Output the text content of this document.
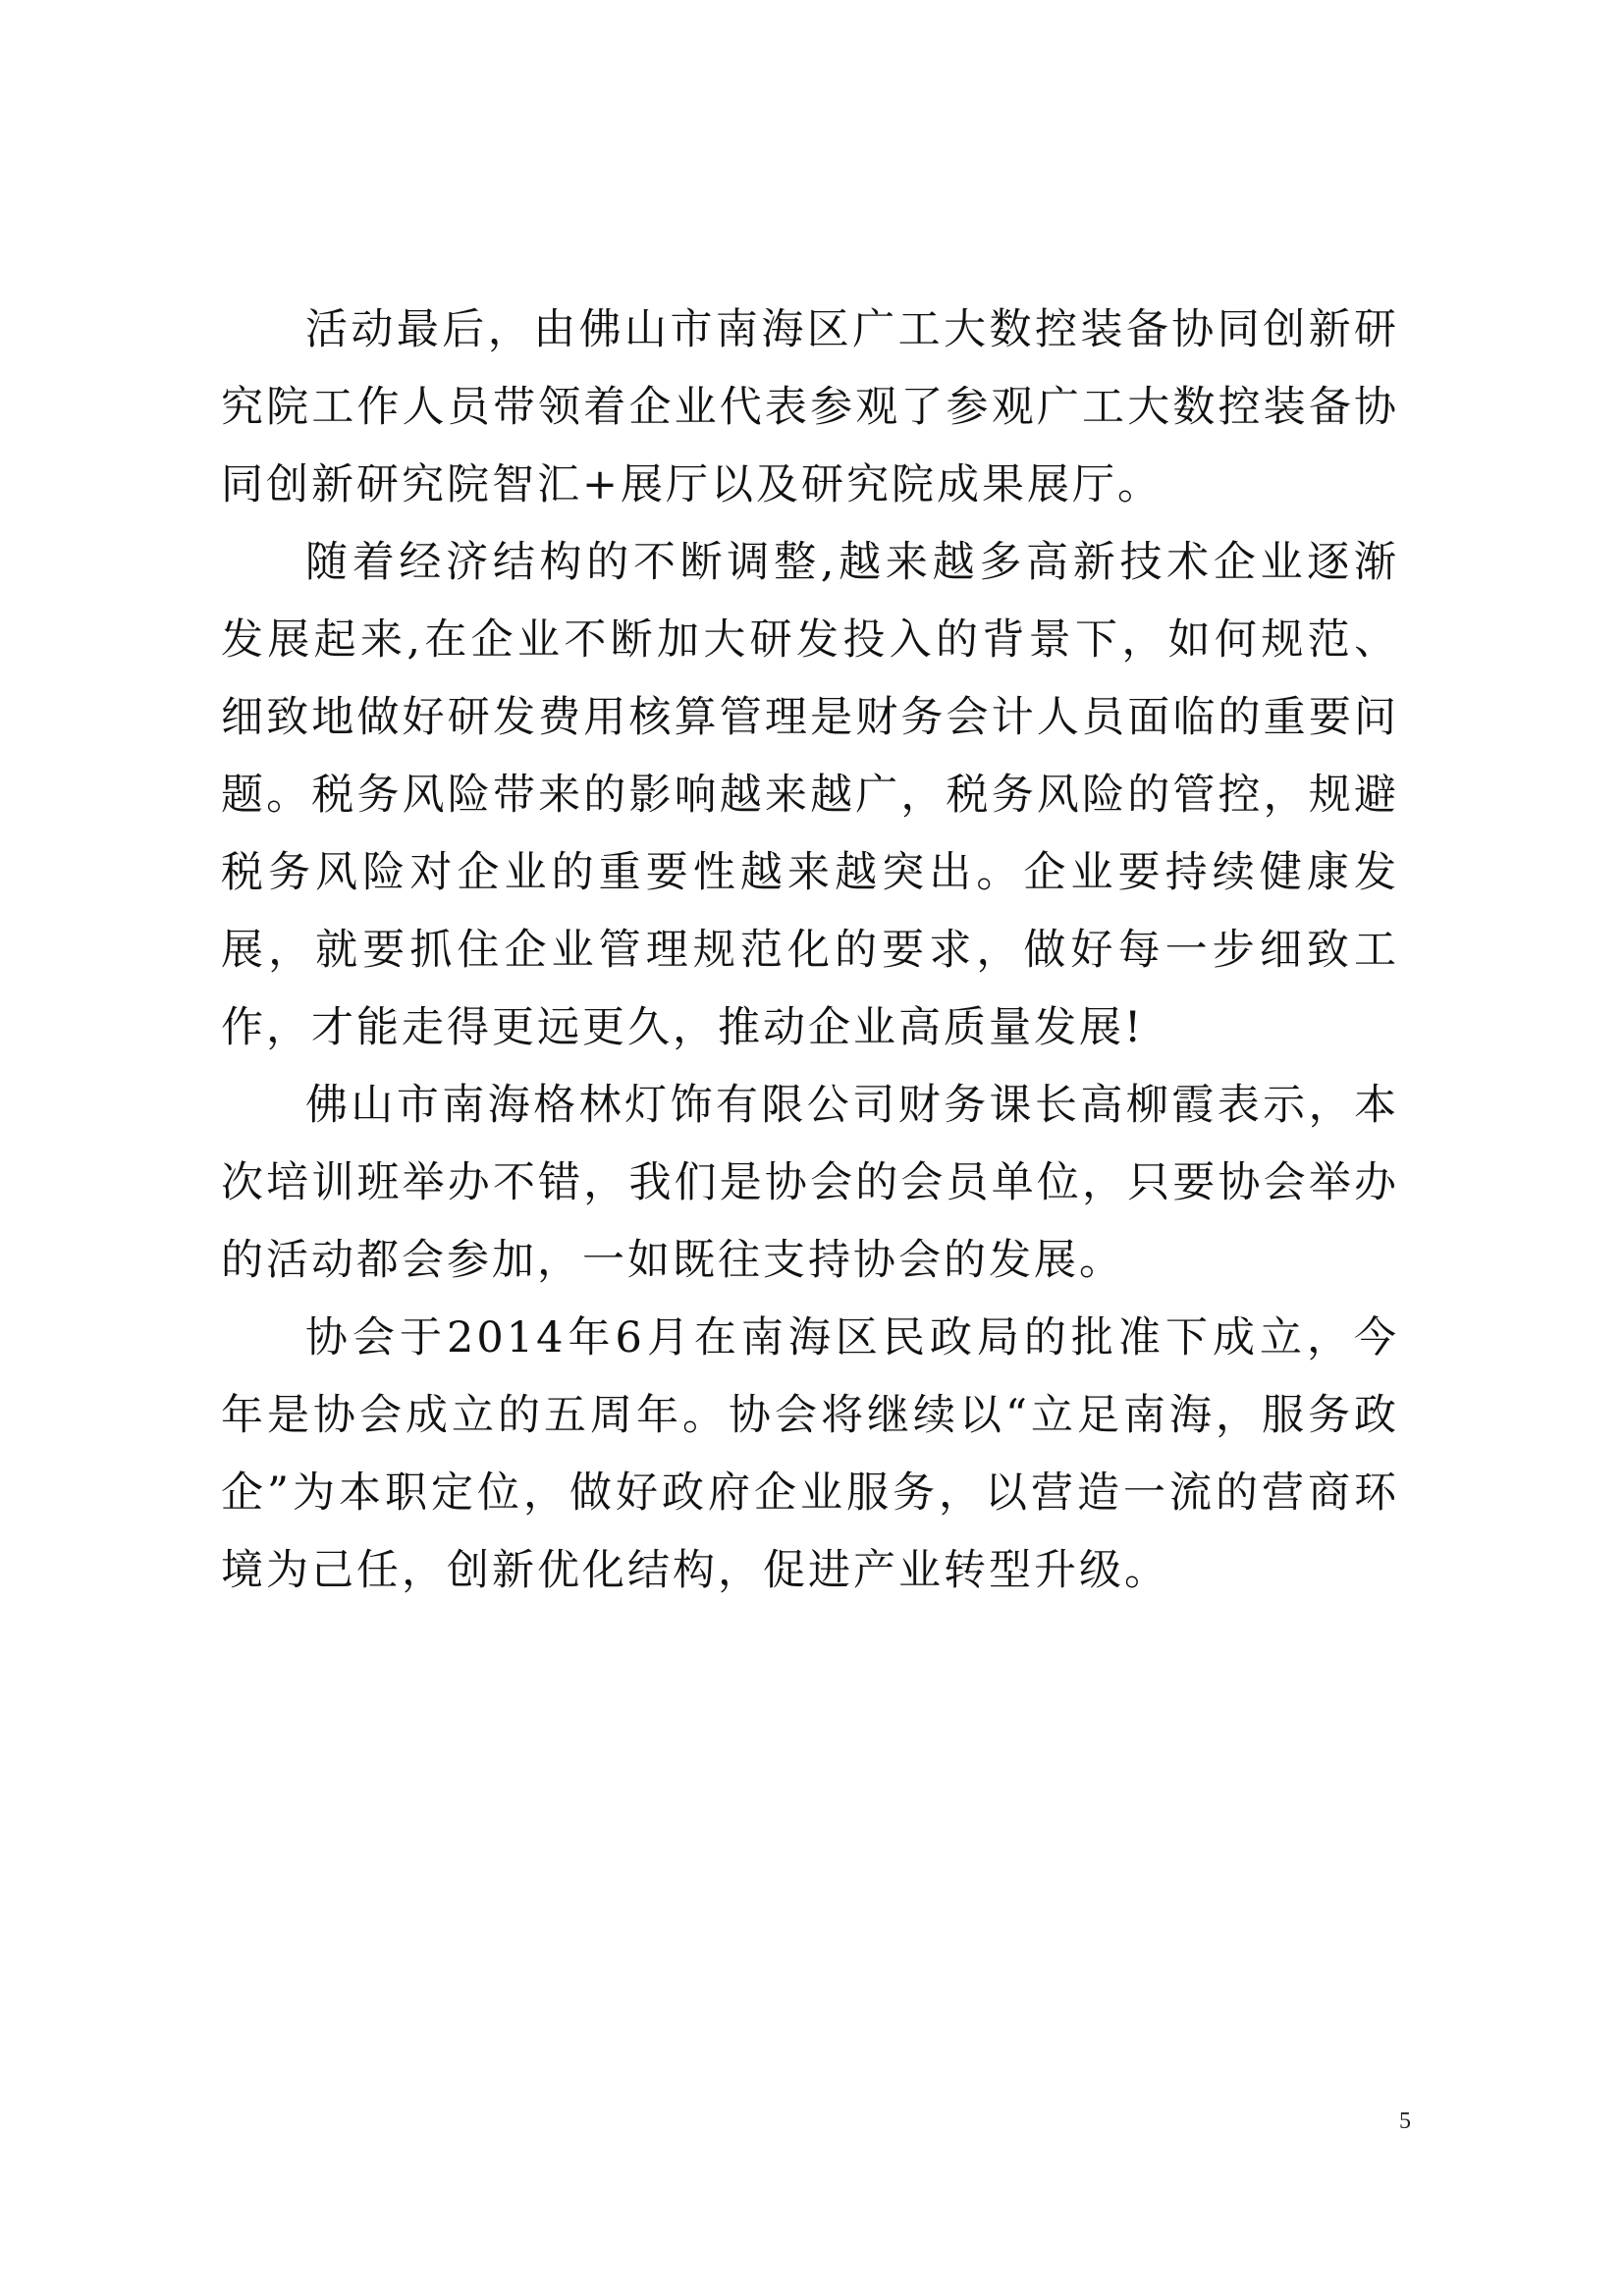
活动最后，由佛山市南海区广工大数控装备协同创新研究院工作人员带领着企业代表参观了参观广工大数控装备协同创新研究院智汇+展厅以及研究院成果展厅。

随着经济结构的不断调整,越来越多高新技术企业逐渐发展起来,在企业不断加大研发投入的背景下，如何规范、细致地做好研发费用核算管理是财务会计人员面临的重要问题。税务风险带来的影响越来越广，税务风险的管控，规避税务风险对企业的重要性越来越突出。企业要持续健康发展，就要抓住企业管理规范化的要求，做好每一步细致工作，才能走得更远更久，推动企业高质量发展!

佛山市南海格林灯饰有限公司财务课长高柳霞表示，本次培训班举办不错，我们是协会的会员单位，只要协会举办的活动都会参加，一如既往支持协会的发展。

协会于2014年6月在南海区民政局的批准下成立，今年是协会成立的五周年。协会将继续以“立足南海，服务政企”为本职定位，做好政府企业服务，以营造一流的营商环境为己任，创新优化结构，促进产业转型升级。

5
